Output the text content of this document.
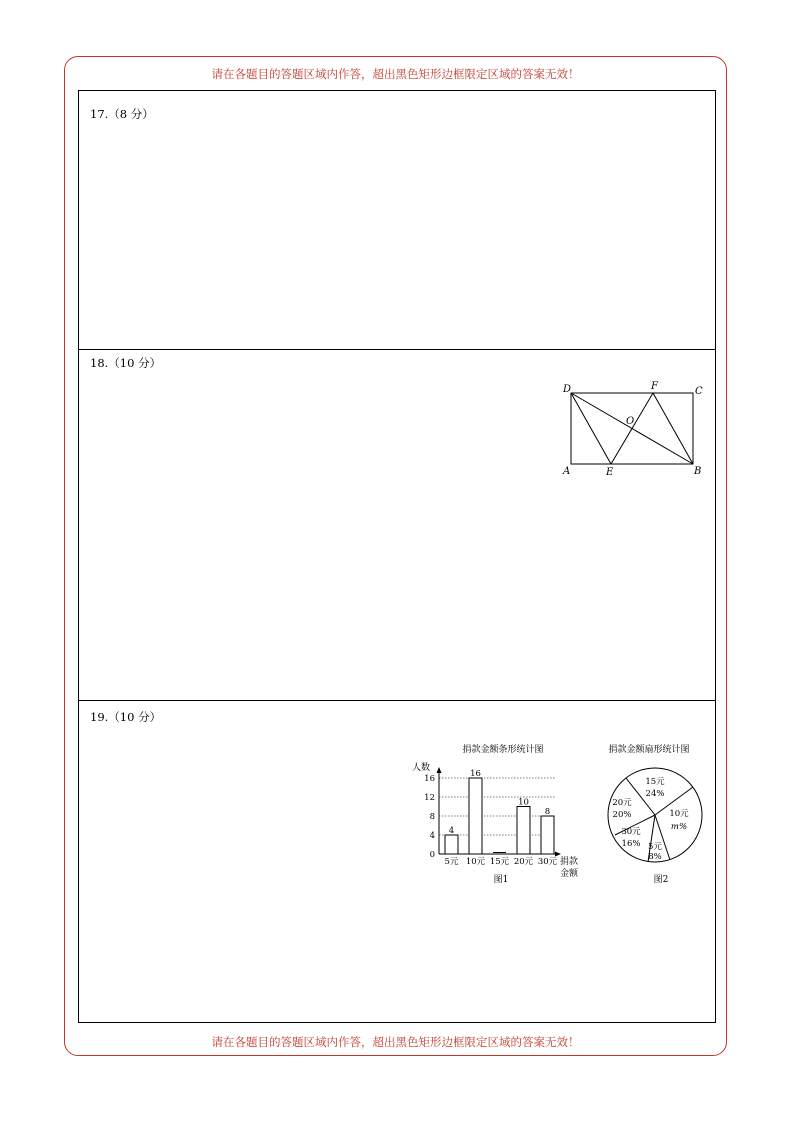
请在各题目的答题区域内作答，超出黑色矩形边框限定区域的答案无效！
17.（8 分）
18.（10 分）
19.（10 分）
D	F	C
O
A	E	B
捐款金额条形统计图
人数
0
4
8
12
16
4
5元
16
10元 15元
10
20元
8
30元 捐款
金额
图1
捐款金额扇形统计图
15元
24%
10元
m%
5元
8%
30元
16%
20元
20%
图2
请在各题目的答题区域内作答，超出黑色矩形边框限定区域的答案无效！
